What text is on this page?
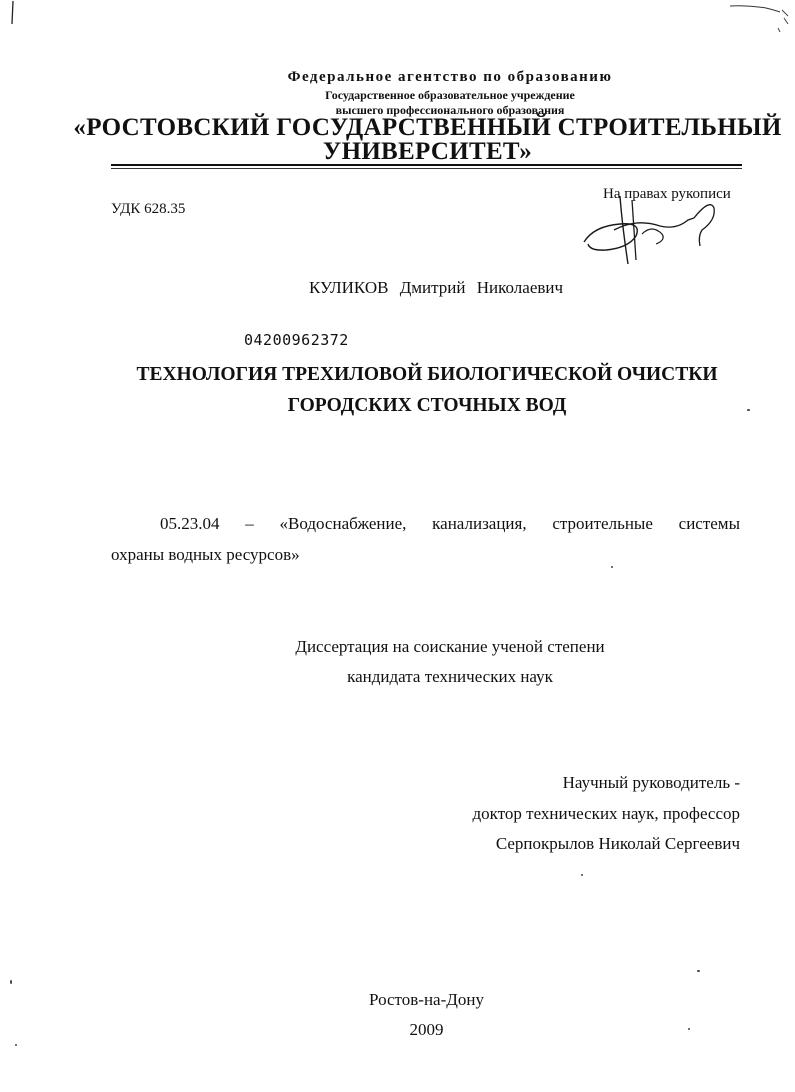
Федеральное агентство по образованию
Государственное образовательное учреждение
высшего профессионального образования
«РОСТОВСКИЙ ГОСУДАРСТВЕННЫЙ СТРОИТЕЛЬНЫЙ
УНИВЕРСИТЕТ»
УДК 628.35
На правах рукописи
КУЛИКОВ Дмитрий Николаевич
04200962372
ТЕХНОЛОГИЯ ТРЕХИЛОВОЙ БИОЛОГИЧЕСКОЙ ОЧИСТКИ
ГОРОДСКИХ СТОЧНЫХ ВОД
05.23.04 – «Водоснабжение, канализация, строительные системы
охраны водных ресурсов»
Диссертация на соискание ученой степени
кандидата технических наук
Научный руководитель -
доктор технических наук, профессор
Серпокрылов Николай Сергеевич
Ростов-на-Дону
2009
